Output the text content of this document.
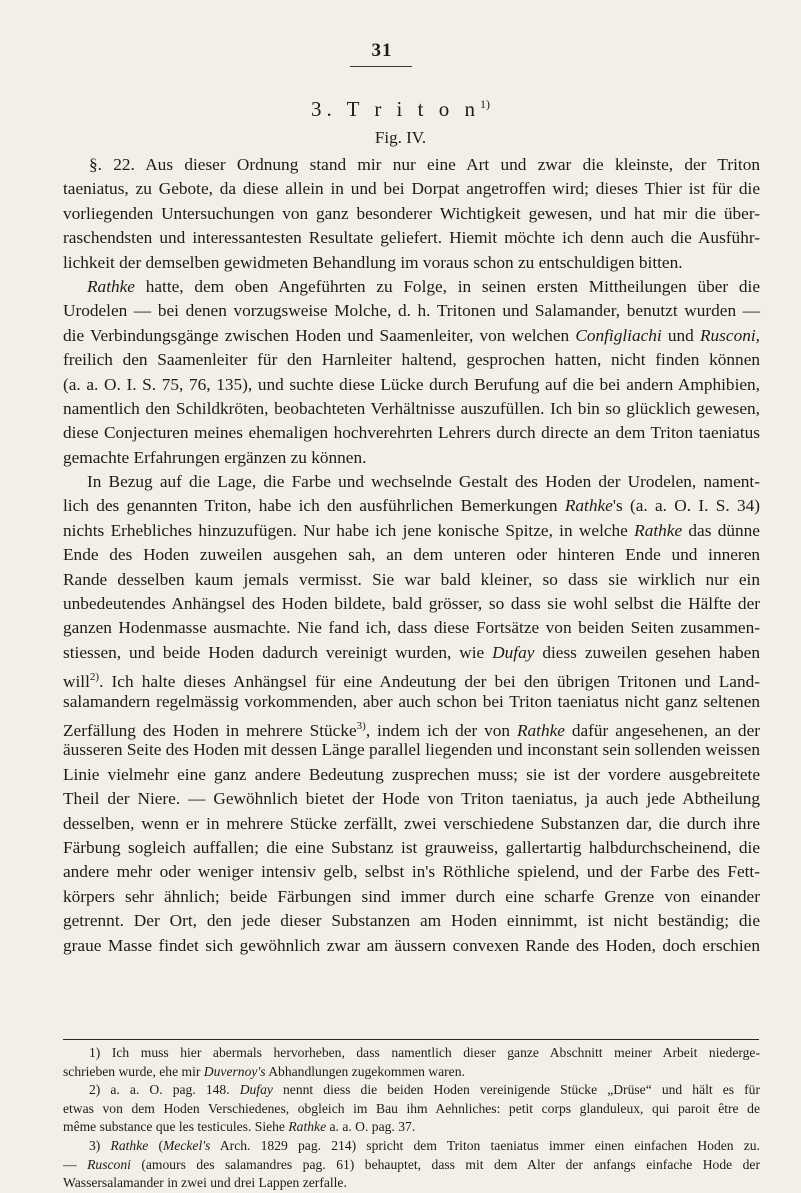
31
3. T r i t o $n^{1)}$
Fig. IV.
§. 22. Aus dieser Ordnung stand mir nur eine Art und zwar die kleinste, der Triton
taeniatus, zu Gebote, da diese allein in und bei Dorpat angetroffen wird; dieses Thier ist für die
vorliegenden Untersuchungen von ganz besonderer Wichtigkeit gewesen, und hat mir die über-
raschendsten und interessantesten Resultate geliefert. Hiemit möchte ich denn auch die Ausführ-
lichkeit der demselben gewidmeten Behandlung im voraus schon zu entschuldigen bitten.
Rathke hatte, dem oben Angeführten zu Folge, in seinen ersten Mittheilungen über die
Urodelen — bei denen vorzugsweise Molche, d. h. Tritonen und Salamander, benutzt wurden —
die Verbindungsgänge zwischen Hoden und Saamenleiter, von welchen Configliachi und Rusconi,
freilich den Saamenleiter für den Harnleiter haltend, gesprochen hatten, nicht finden können
(a. a. O. I. S. 75, 76, 135), und suchte diese Lücke durch Berufung auf die bei andern Amphibien,
namentlich den Schildkröten, beobachteten Verhältnisse auszufüllen. Ich bin so glücklich gewesen,
diese Conjecturen meines ehemaligen hochverehrten Lehrers durch directe an dem Triton taeniatus
gemachte Erfahrungen ergänzen zu können.
In Bezug auf die Lage, die Farbe und wechselnde Gestalt des Hoden der Urodelen, nament-
lich des genannten Triton, habe ich den ausführlichen Bemerkungen Rathke's (a. a. O. I. S. 34)
nichts Erhebliches hinzuzufügen. Nur habe ich jene konische Spitze, in welche Rathke das dünne
Ende des Hoden zuweilen ausgehen sah, an dem unteren oder hinteren Ende und inneren
Rande desselben kaum jemals vermisst. Sie war bald kleiner, so dass sie wirklich nur ein
unbedeutendes Anhängsel des Hoden bildete, bald grösser, so dass sie wohl selbst die Hälfte der
ganzen Hodenmasse ausmachte. Nie fand ich, dass diese Fortsätze von beiden Seiten zusammen-
stiessen, und beide Hoden dadurch vereinigt wurden, wie Dufay diess zuweilen gesehen haben
will$^{2)}$. Ich halte dieses Anhängsel für eine Andeutung der bei den übrigen Tritonen und Land-
salamandern regelmässig vorkommenden, aber auch schon bei Triton taeniatus nicht ganz seltenen
Zerfällung des Hoden in mehrere Stücke$^{3)}$, indem ich der von Rathke dafür angesehenen, an der
äusseren Seite des Hoden mit dessen Länge parallel liegenden und inconstant sein sollenden weissen
Linie vielmehr eine ganz andere Bedeutung zusprechen muss; sie ist der vordere ausgebreitete
Theil der Niere. — Gewöhnlich bietet der Hode von Triton taeniatus, ja auch jede Abtheilung
desselben, wenn er in mehrere Stücke zerfällt, zwei verschiedene Substanzen dar, die durch ihre
Färbung sogleich auffallen; die eine Substanz ist grauweiss, gallertartig halbdurchscheinend, die
andere mehr oder weniger intensiv gelb, selbst in's Röthliche spielend, und der Farbe des Fett-
körpers sehr ähnlich; beide Färbungen sind immer durch eine scharfe Grenze von einander
getrennt. Der Ort, den jede dieser Substanzen am Hoden einnimmt, ist nicht beständig; die
graue Masse findet sich gewöhnlich zwar am äussern convexen Rande des Hoden, doch erschien
1) Ich muss hier abermals hervorheben, dass namentlich dieser ganze Abschnitt meiner Arbeit niederge-
schrieben wurde, ehe mir Duvernoy's Abhandlungen zugekommen waren.
2) a. a. O. pag. 148. Dufay nennt diess die beiden Hoden vereinigende Stücke „Drüse“ und hält es für
etwas von dem Hoden Verschiedenes, obgleich im Bau ihm Aehnliches: petit corps glanduleux, qui paroit être de
même substance que les testicules. Siehe Rathke a. a. O. pag. 37.
3) Rathke (Meckel's Arch. 1829 pag. 214) spricht dem Triton taeniatus immer einen einfachen Hoden zu.
— Rusconi (amours des salamandres pag. 61) behauptet, dass mit dem Alter der anfangs einfache Hode der
Wassersalamander in zwei und drei Lappen zerfalle.
